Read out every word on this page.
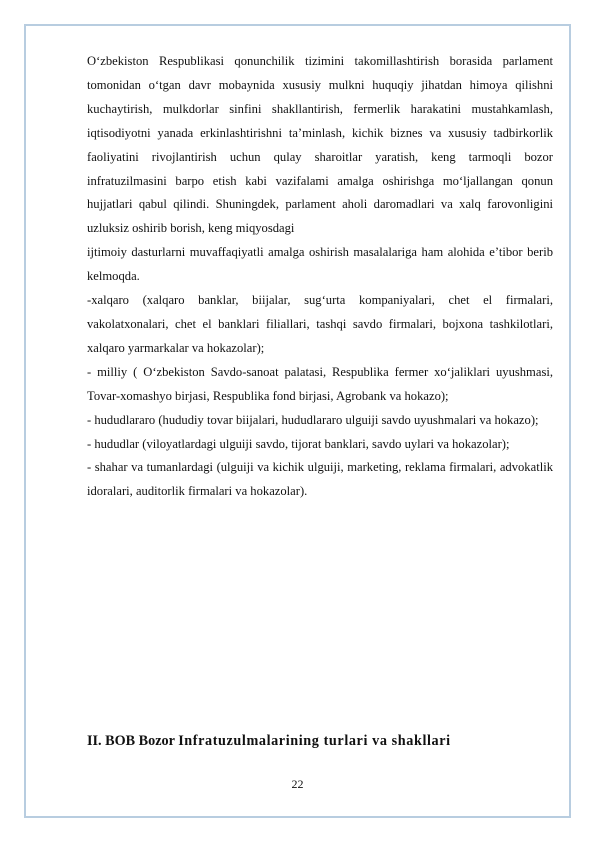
O‘zbekiston Respublikasi qonunchilik tizimini takomillashtirish borasida parlament tomonidan o‘tgan davr mobaynida xususiy mulkni huquqiy jihatdan himoya qilishni kuchaytirish, mulkdorlar sinfini shakllantirish, fermerlik harakatini mustahkamlash, iqtisodiyotni yanada erkinlashtirishni ta’minlash, kichik biznes va xususiy tadbirkorlik faoliyatini rivojlantirish uchun qulay sharoitlar yaratish, keng tarmoqli bozor infratuzilmasini barpo etish kabi vazifalami amalga oshirishga mo‘ljallangan qonun hujjatlari qabul qilindi. Shuningdek, parlament aholi daromadlari va xalq farovonligini uzluksiz oshirib borish, keng miqyosdagi

ijtimoiy dasturlarni muvaffaqiyatli amalga oshirish masalalariga ham alohida e’tibor berib kelmoqda.

-xalqaro (xalqaro banklar, biijalar, sug‘urta kompaniyalari, chet el firmalari, vakolatxonalari, chet el banklari filiallari, tashqi savdo firmalari, bojxona tashkilotlari, xalqaro yarmarkalar va hokazolar);

- milliy ( O‘zbekiston Savdo-sanoat palatasi, Respublika fermer xo‘jaliklari uyushmasi, Tovar-xomashyo birjasi, Respublika fond birjasi, Agrobank va hokazo);

- hududlararo (hududiy tovar biijalari, hududlararo ulguiji savdo uyushmalari va hokazo);

- hududlar (viloyatlardagi ulguiji savdo, tijorat banklari, savdo uylari va hokazolar);

- shahar va tumanlardagi (ulguiji va kichik ulguiji, marketing, reklama firmalari, advokatlik idoralari, auditorlik firmalari va hokazolar).

II. BOB Bozor Infratuzulmalarining turlari va shakllari
22
